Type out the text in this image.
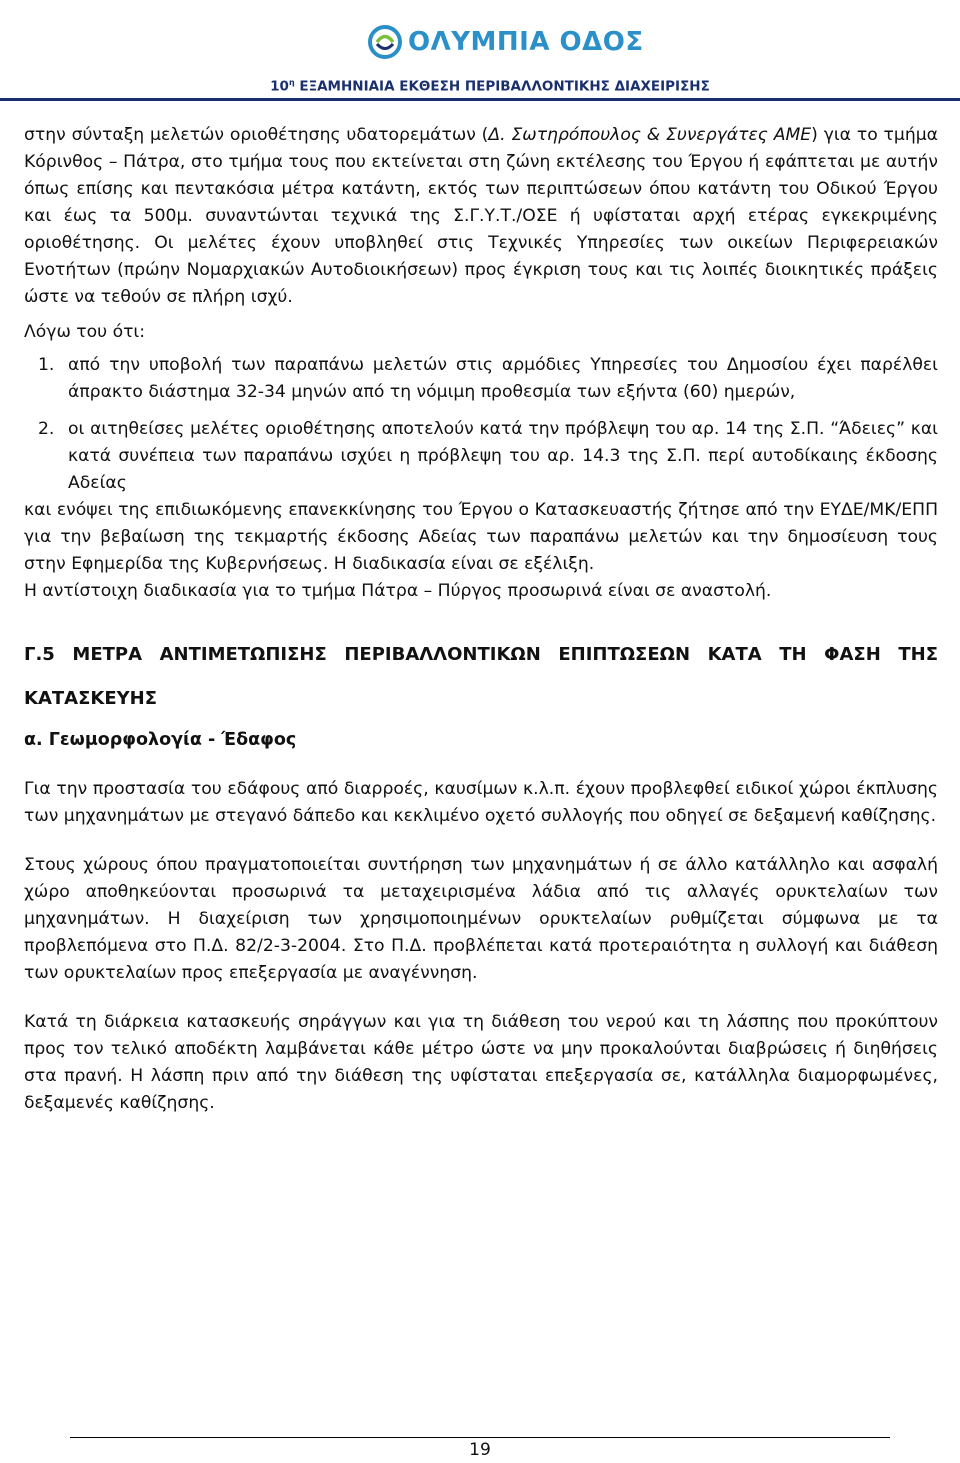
ΟΛΥΜΠΙΑ ΟΔΟΣ
$10^\eta$ ΕΞΑΜΗΝΙΑΙΑ ΕΚΘΕΣΗ ΠΕΡΙΒΑΛΛΟΝΤΙΚΗΣ ΔΙΑΧΕΙΡΙΣΗΣ

στην σύνταξη μελετών οριοθέτησης υδατορεμάτων (Δ. Σωτηρόπουλος & Συνεργάτες ΑΜΕ) για το τμήμα Κόρινθος – Πάτρα, στο τμήμα τους που εκτείνεται στη ζώνη εκτέλεσης του Έργου ή εφάπτεται με αυτήν όπως επίσης και πεντακόσια μέτρα κατάντη, εκτός των περιπτώσεων όπου κατάντη του Οδικού Έργου και έως τα 500μ. συναντώνται τεχνικά της Σ.Γ.Υ.Τ./ΟΣΕ ή υφίσταται αρχή ετέρας εγκεκριμένης οριοθέτησης. Οι μελέτες έχουν υποβληθεί στις Τεχνικές Υπηρεσίες των οικείων Περιφερειακών Ενοτήτων (πρώην Νομαρχιακών Αυτοδιοικήσεων) προς έγκριση τους και τις λοιπές διοικητικές πράξεις ώστε να τεθούν σε πλήρη ισχύ.

Λόγω του ότι:

1. από την υποβολή των παραπάνω μελετών στις αρμόδιες Υπηρεσίες του Δημοσίου έχει παρέλθει άπρακτο διάστημα 32-34 μηνών από τη νόμιμη προθεσμία των εξήντα (60) ημερών,
2. οι αιτηθείσες μελέτες οριοθέτησης αποτελούν κατά την πρόβλεψη του αρ. 14 της Σ.Π. “Άδειες” και κατά συνέπεια των παραπάνω ισχύει η πρόβλεψη του αρ. 14.3 της Σ.Π. περί αυτοδίκαιης έκδοσης Αδείας

και ενόψει της επιδιωκόμενης επανεκκίνησης του Έργου ο Κατασκευαστής ζήτησε από την ΕΥΔΕ/ΜΚ/ΕΠΠ για την βεβαίωση της τεκμαρτής έκδοσης Αδείας των παραπάνω μελετών και την δημοσίευση τους στην Εφημερίδα της Κυβερνήσεως. Η διαδικασία είναι σε εξέλιξη.

Η αντίστοιχη διαδικασία για το τμήμα Πάτρα – Πύργος προσωρινά είναι σε αναστολή.

Γ.5 ΜΕΤΡΑ ΑΝΤΙΜΕΤΩΠΙΣΗΣ ΠΕΡΙΒΑΛΛΟΝΤΙΚΩΝ ΕΠΙΠΤΩΣΕΩΝ ΚΑΤΑ ΤΗ ΦΑΣΗ ΤΗΣ ΚΑΤΑΣΚΕΥΗΣ
α. Γεωμορφολογία - Έδαφος

Για την προστασία του εδάφους από διαρροές, καυσίμων κ.λ.π. έχουν προβλεφθεί ειδικοί χώροι έκπλυσης των μηχανημάτων με στεγανό δάπεδο και κεκλιμένο οχετό συλλογής που οδηγεί σε δεξαμενή καθίζησης.

Στους χώρους όπου πραγματοποιείται συντήρηση των μηχανημάτων ή σε άλλο κατάλληλο και ασφαλή χώρο αποθηκεύονται προσωρινά τα μεταχειρισμένα λάδια από τις αλλαγές ορυκτελαίων των μηχανημάτων. Η διαχείριση των χρησιμοποιημένων ορυκτελαίων ρυθμίζεται σύμφωνα με τα προβλεπόμενα στο Π.Δ. 82/2-3-2004. Στο Π.Δ. προβλέπεται κατά προτεραιότητα η συλλογή και διάθεση των ορυκτελαίων προς επεξεργασία με αναγέννηση.

Κατά τη διάρκεια κατασκευής σηράγγων και για τη διάθεση του νερού και τη λάσπης που προκύπτουν προς τον τελικό αποδέκτη λαμβάνεται κάθε μέτρο ώστε να μην προκαλούνται διαβρώσεις ή διηθήσεις στα πρανή. Η λάσπη πριν από την διάθεση της υφίσταται επεξεργασία σε, κατάλληλα διαμορφωμένες, δεξαμενές καθίζησης.

19
